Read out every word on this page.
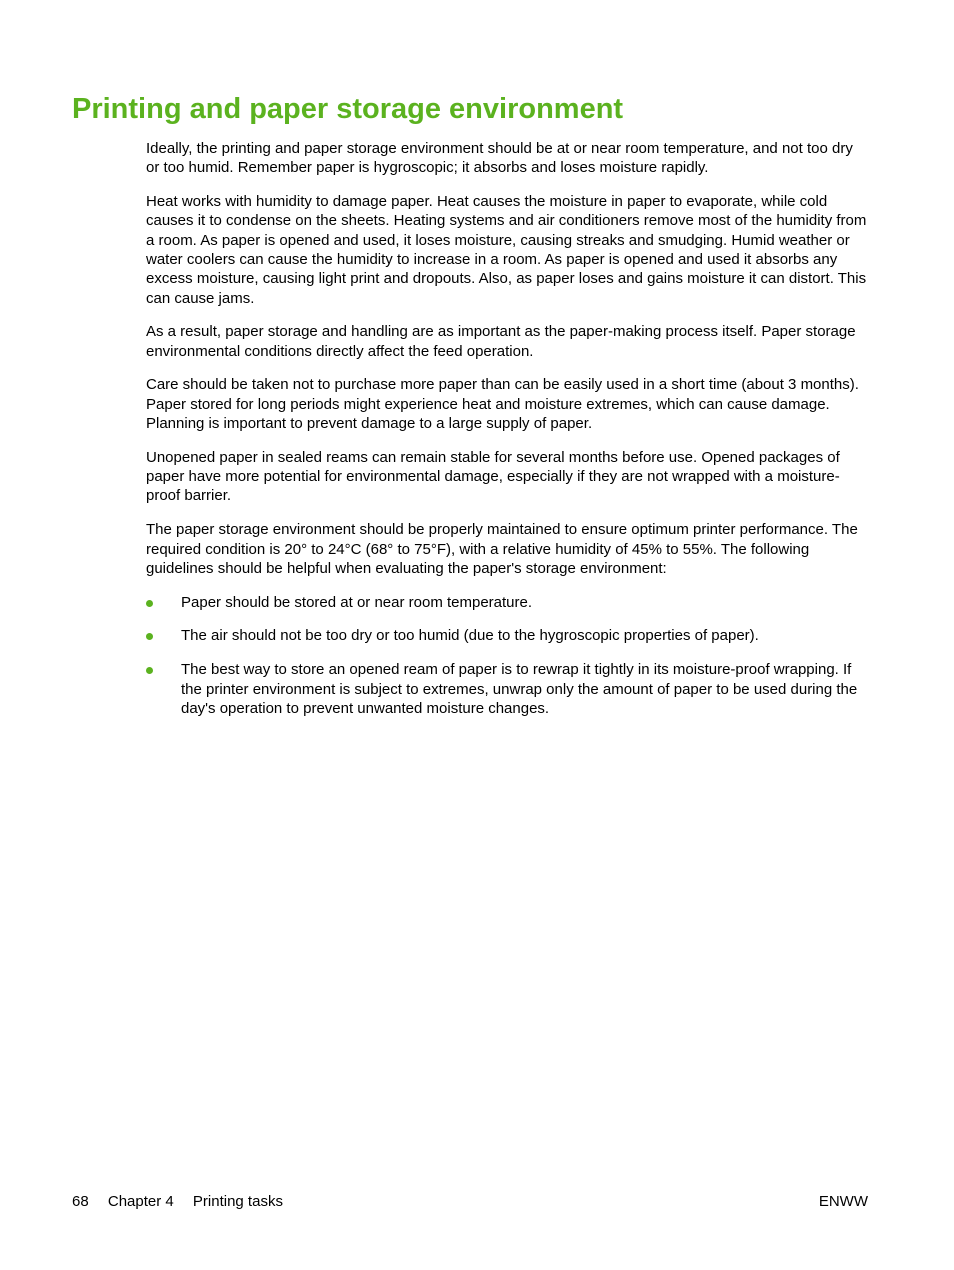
Printing and paper storage environment

Ideally, the printing and paper storage environment should be at or near room temperature, and not too dry or too humid. Remember paper is hygroscopic; it absorbs and loses moisture rapidly.

Heat works with humidity to damage paper. Heat causes the moisture in paper to evaporate, while cold causes it to condense on the sheets. Heating systems and air conditioners remove most of the humidity from a room. As paper is opened and used, it loses moisture, causing streaks and smudging. Humid weather or water coolers can cause the humidity to increase in a room. As paper is opened and used it absorbs any excess moisture, causing light print and dropouts. Also, as paper loses and gains moisture it can distort. This can cause jams.

As a result, paper storage and handling are as important as the paper-making process itself. Paper storage environmental conditions directly affect the feed operation.

Care should be taken not to purchase more paper than can be easily used in a short time (about 3 months). Paper stored for long periods might experience heat and moisture extremes, which can cause damage. Planning is important to prevent damage to a large supply of paper.

Unopened paper in sealed reams can remain stable for several months before use. Opened packages of paper have more potential for environmental damage, especially if they are not wrapped with a moisture-proof barrier.

The paper storage environment should be properly maintained to ensure optimum printer performance. The required condition is 20° to 24°C (68° to 75°F), with a relative humidity of 45% to 55%. The following guidelines should be helpful when evaluating the paper's storage environment:

Paper should be stored at or near room temperature.
The air should not be too dry or too humid (due to the hygroscopic properties of paper).
The best way to store an opened ream of paper is to rewrap it tightly in its moisture-proof wrapping. If the printer environment is subject to extremes, unwrap only the amount of paper to be used during the day's operation to prevent unwanted moisture changes.
68 Chapter 4 Printing tasks	ENWW
